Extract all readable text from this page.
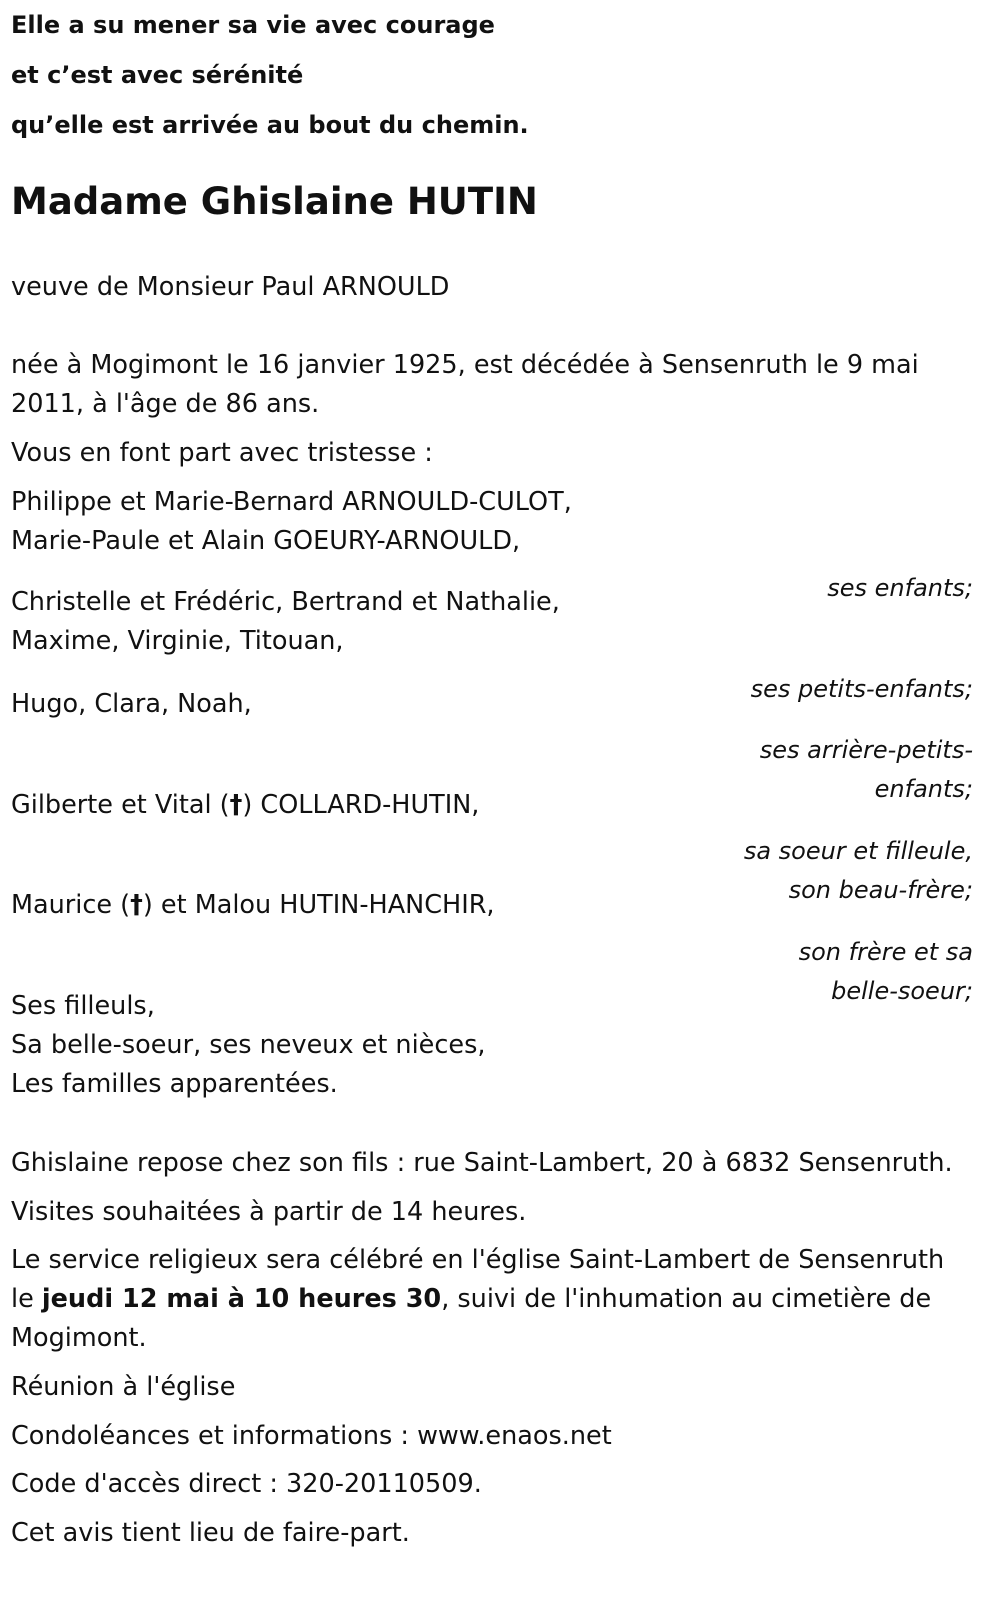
Elle a su mener sa vie avec courage

et c’est avec sérénité

qu’elle est arrivée au bout du chemin.

Madame Ghislaine HUTIN

veuve de Monsieur Paul ARNOULD

née à Mogimont le 16 janvier 1925, est décédée à Sensenruth le 9 mai

2011, à l'âge de 86 ans.

Vous en font part avec tristesse :

Philippe et Marie-Bernard ARNOULD-CULOT,

Marie-Paule et Alain GOEURY-ARNOULD,

ses enfants;

Christelle et Frédéric, Bertrand et Nathalie,

Maxime, Virginie, Titouan,

ses petits-enfants;

Hugo, Clara, Noah,

ses arrière-petits-

enfants;

Gilberte et Vital (†) COLLARD-HUTIN,

sa soeur et filleule,

son beau-frère;

Maurice (†) et Malou HUTIN-HANCHIR,

son frère et sa

belle-soeur;

Ses filleuls,

Sa belle-soeur, ses neveux et nièces,

Les familles apparentées.

Ghislaine repose chez son fils : rue Saint-Lambert, 20 à 6832 Sensenruth.

Visites souhaitées à partir de 14 heures.

Le service religieux sera célébré en l'église Saint-Lambert de Sensenruth

le jeudi 12 mai à 10 heures 30, suivi de l'inhumation au cimetière de

Mogimont.

Réunion à l'église

Condoléances et informations : www.enaos.net

Code d'accès direct : 320-20110509.

Cet avis tient lieu de faire-part.
